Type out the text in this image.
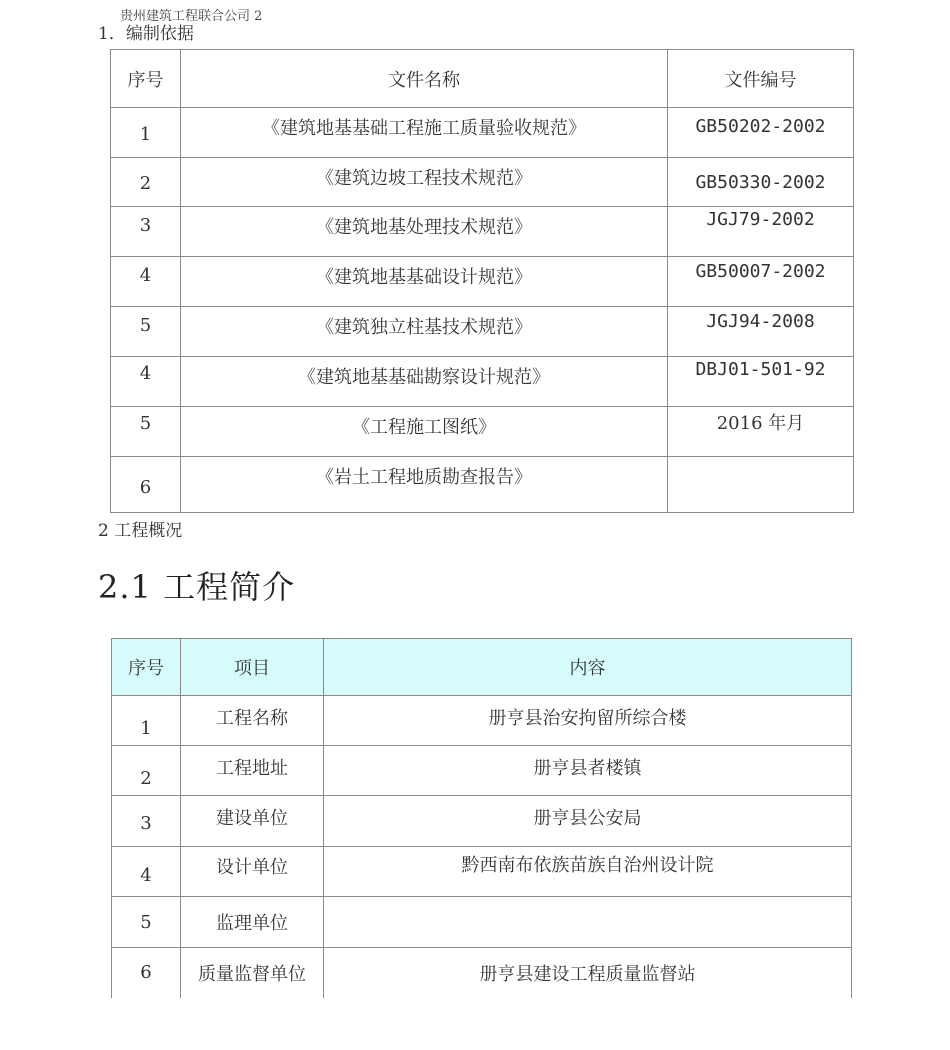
贵州建筑工程联合公司 2
1．编制依据
序号	文件名称	文件编号
1	《建筑地基基础工程施工质量验收规范》	GB50202-2002
2	《建筑边坡工程技术规范》	GB50330-2002
3	《建筑地基处理技术规范》	JGJ79-2002
4	《建筑地基基础设计规范》	GB50007-2002
5	《建筑独立柱基技术规范》	JGJ94-2008
4	《建筑地基基础勘察设计规范》	DBJ01-501-92
5	《工程施工图纸》	2016 年月
6	《岩土工程地质勘查报告》	
2 工程概况
2.1 工程简介
序号	项目	内容
1	工程名称	册亨县治安拘留所综合楼
2	工程地址	册亨县者楼镇
3	建设单位	册亨县公安局
4	设计单位	黔西南布依族苗族自治州设计院
5	监理单位	
6	质量监督单位	册亨县建设工程质量监督站
